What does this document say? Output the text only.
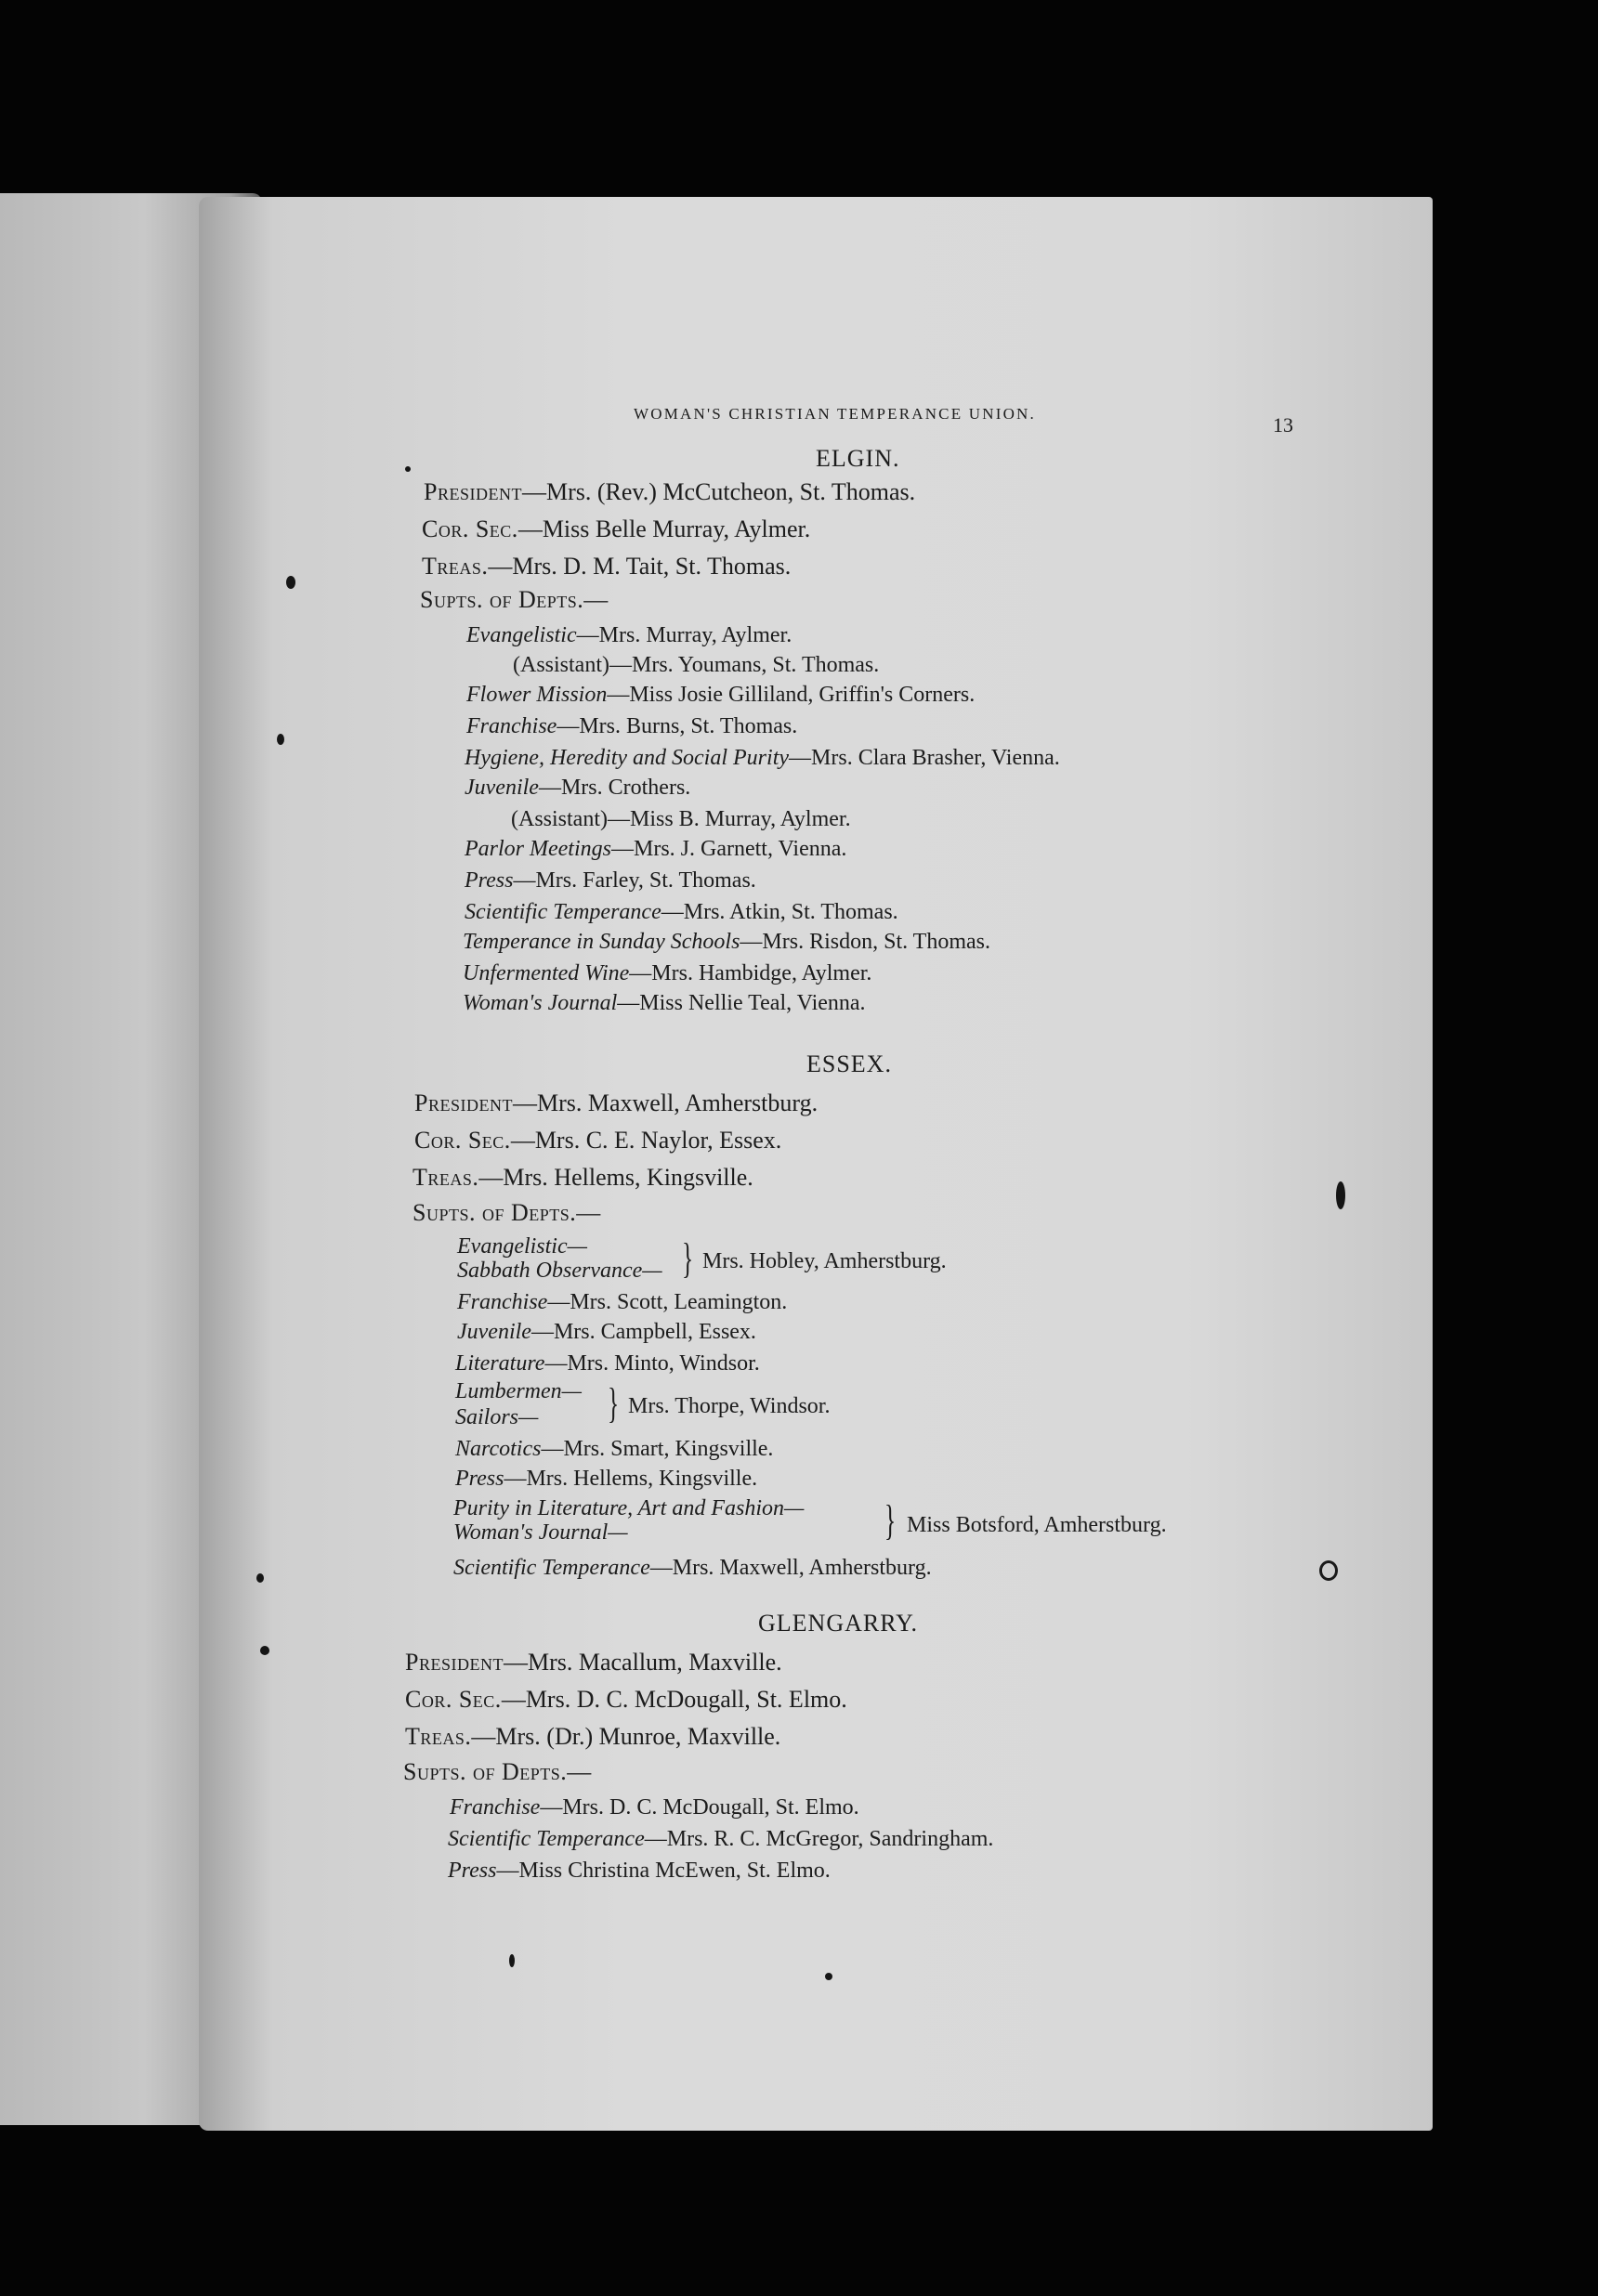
WOMAN'S CHRISTIAN TEMPERANCE UNION.	13
ELGIN.
President—Mrs. (Rev.) McCutcheon, St. Thomas.
Cor. Sec.—Miss Belle Murray, Aylmer.
Treas.—Mrs. D. M. Tait, St. Thomas.
Supts. of Depts.—
Evangelistic—Mrs. Murray, Aylmer.
(Assistant)—Mrs. Youmans, St. Thomas.
Flower Mission—Miss Josie Gilliland, Griffin's Corners.
Franchise—Mrs. Burns, St. Thomas.
Hygiene, Heredity and Social Purity—Mrs. Clara Brasher, Vienna.
Juvenile—Mrs. Crothers.
(Assistant)—Miss B. Murray, Aylmer.
Parlor Meetings—Mrs. J. Garnett, Vienna.
Press—Mrs. Farley, St. Thomas.
Scientific Temperance—Mrs. Atkin, St. Thomas.
Temperance in Sunday Schools—Mrs. Risdon, St. Thomas.
Unfermented Wine—Mrs. Hambidge, Aylmer.
Woman's Journal—Miss Nellie Teal, Vienna.
ESSEX.
President—Mrs. Maxwell, Amherstburg.
Cor. Sec.—Mrs. C. E. Naylor, Essex.
Treas.—Mrs. Hellems, Kingsville.
Supts. of Depts.—
Evangelistic—
Sabbath Observance— } Mrs. Hobley, Amherstburg.
Franchise—Mrs. Scott, Leamington.
Juvenile—Mrs. Campbell, Essex.
Literature—Mrs. Minto, Windsor.
Lumbermen—
Sailors— } Mrs. Thorpe, Windsor.
Narcotics—Mrs. Smart, Kingsville.
Press—Mrs. Hellems, Kingsville.
Purity in Literature, Art and Fashion—
Woman's Journal—	} Miss Botsford, Amherstburg.
Scientific Temperance—Mrs. Maxwell, Amherstburg.
GLENGARRY.
President—Mrs. Macallum, Maxville.
Cor. Sec.—Mrs. D. C. McDougall, St. Elmo.
Treas.—Mrs. (Dr.) Munroe, Maxville.
Supts. of Depts.—
Franchise—Mrs. D. C. McDougall, St. Elmo.
Scientific Temperance—Mrs. R. C. McGregor, Sandringham.
Press—Miss Christina McEwen, St. Elmo.
